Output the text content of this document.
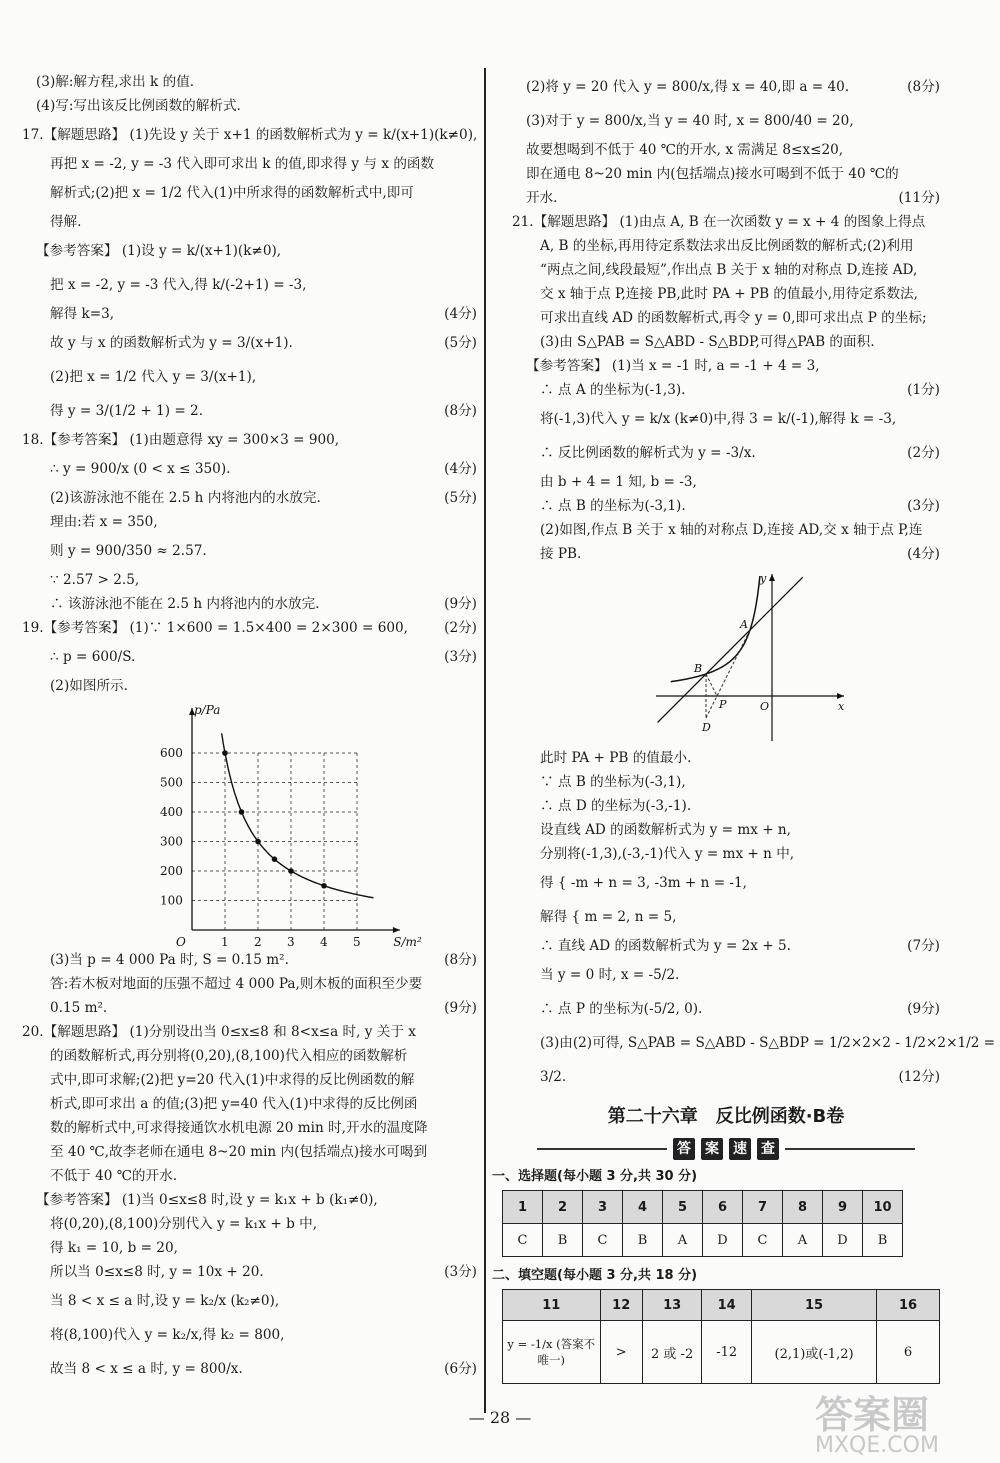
(3)解:解方程,求出 k 的值.
(4)写:写出该反比例函数的解析式.
17.【解题思路】 (1)先设 y 关于 x+1 的函数解析式为 y = k/(x+1)(k≠0),
再把 x = -2, y = -3 代入即可求出 k 的值,即求得 y 与 x 的函数
解析式;(2)把 x = 1/2 代入(1)中所求得的函数解析式中,即可
得解.
【参考答案】 (1)设 y = k/(x+1)(k≠0),
把 x = -2, y = -3 代入,得 k/(-2+1) = -3,
解得 k=3,	(4分)
故 y 与 x 的函数解析式为 y = 3/(x+1).	(5分)
(2)把 x = 1/2 代入 y = 3/(x+1),
得 y = 3/(1/2 + 1) = 2.	(8分)
18.【参考答案】 (1)由题意得 xy = 300×3 = 900,
∴ y = 900/x (0 < x ≤ 350).	(4分)
(2)该游泳池不能在 2.5 h 内将池内的水放完.	(5分)
理由:若 x = 350,
则 y = 900/350 ≈ 2.57.
∵ 2.57 > 2.5,
∴ 该游泳池不能在 2.5 h 内将池内的水放完.	(9分)
19.【参考答案】 (1)∵ 1×600 = 1.5×400 = 2×300 = 600,	(2分)
∴ p = 600/S.	(3分)
(2)如图所示.
1 2 3 4 5
100
200
300
400
500
600
O	S/m²
p/Pa
(3)当 p = 4 000 Pa 时, S = 0.15 m².	(8分)
答:若木板对地面的压强不超过 4 000 Pa,则木板的面积至少要
0.15 m².	(9分)
20.【解题思路】 (1)分别设出当 0≤x≤8 和 8<x≤a 时, y 关于 x
的函数解析式,再分别将(0,20),(8,100)代入相应的函数解析
式中,即可求解;(2)把 y=20 代入(1)中求得的反比例函数的解
析式,即可求出 a 的值;(3)把 y=40 代入(1)中求得的反比例函
数的解析式中,可求得接通饮水机电源 20 min 时,开水的温度降
至 40 ℃,故李老师在通电 8~20 min 内(包括端点)接水可喝到
不低于 40 ℃的开水.
【参考答案】 (1)当 0≤x≤8 时,设 y = k₁x + b (k₁≠0),
将(0,20),(8,100)分别代入 y = k₁x + b 中,
得 k₁ = 10, b = 20,
所以当 0≤x≤8 时, y = 10x + 20.	(3分)
当 8 < x ≤ a 时,设 y = k₂/x (k₂≠0),
将(8,100)代入 y = k₂/x,得 k₂ = 800,
故当 8 < x ≤ a 时, y = 800/x.	(6分)
(2)将 y = 20 代入 y = 800/x,得 x = 40,即 a = 40.	(8分)
(3)对于 y = 800/x,当 y = 40 时, x = 800/40 = 20,
故要想喝到不低于 40 ℃的开水, x 需满足 8≤x≤20,
即在通电 8~20 min 内(包括端点)接水可喝到不低于 40 ℃的
开水.	(11分)
21.【解题思路】 (1)由点 A, B 在一次函数 y = x + 4 的图象上得点
A, B 的坐标,再用待定系数法求出反比例函数的解析式;(2)利用
“两点之间,线段最短”,作出点 B 关于 x 轴的对称点 D,连接 AD,
交 x 轴于点 P,连接 PB,此时 PA + PB 的值最小,用待定系数法,
可求出直线 AD 的函数解析式,再令 y = 0,即可求出点 P 的坐标;
(3)由 S△PAB = S△ABD - S△BDP,可得△PAB 的面积.
【参考答案】 (1)当 x = -1 时, a = -1 + 4 = 3,
∴ 点 A 的坐标为(-1,3).	(1分)
将(-1,3)代入 y = k/x (k≠0)中,得 3 = k/(-1),解得 k = -3,
∴ 反比例函数的解析式为 y = -3/x.	(2分)
由 b + 4 = 1 知, b = -3,
∴ 点 B 的坐标为(-3,1).	(3分)
(2)如图,作点 B 关于 x 轴的对称点 D,连接 AD,交 x 轴于点 P,连
接 PB.	(4分)
A
B
P
D
O	x
y
此时 PA + PB 的值最小.
∵ 点 B 的坐标为(-3,1),
∴ 点 D 的坐标为(-3,-1).
设直线 AD 的函数解析式为 y = mx + n,
分别将(-1,3),(-3,-1)代入 y = mx + n 中,
得 { -m + n = 3, -3m + n = -1,
解得 { m = 2, n = 5,
∴ 直线 AD 的函数解析式为 y = 2x + 5.	(7分)
当 y = 0 时, x = -5/2.
∴ 点 P 的坐标为(-5/2, 0).	(9分)
(3)由(2)可得, S△PAB = S△ABD - S△BDP = 1/2×2×2 - 1/2×2×1/2 =
3/2.	(12分)
第二十六章　反比例函数·B卷
答 案 速 查
一、选择题(每小题 3 分,共 30 分)
1	2	3	4	5	6	7	8	9	10
C	B	C	B	A	D	C	A	D	B
二、填空题(每小题 3 分,共 18 分)
11	12	13	14	15	16
y = -1/x (答案不唯一)	>	2 或 -2	-12	(2,1)或(-1,2)	6
— 28 —	答案圈
MXQE.COM
